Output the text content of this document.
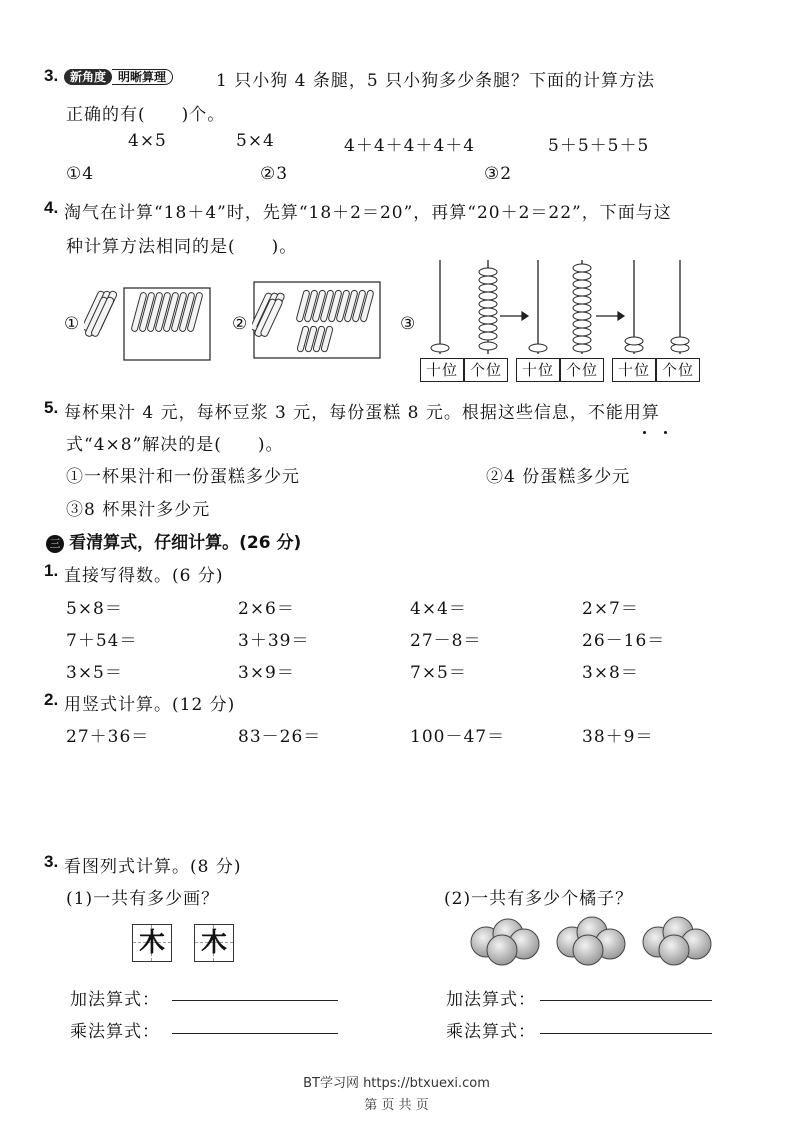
3. 新角度 明晰算理	1 只小狗 4 条腿，5 只小狗多少条腿？下面的计算方法
正确的有(　　)个。
4×5	5×4	4＋4＋4＋4＋4	5＋5＋5＋5
①4	②3	③2
4. 淘气在计算“18＋4”时，先算“18＋2＝20”，再算“20＋2＝22”，下面与这
种计算方法相同的是(　　)。
①	②	③
十位 个位	十位 个位	十位 个位
5. 每杯果汁 4 元，每杯豆浆 3 元，每份蛋糕 8 元。根据这些信息，不能用算
式“4×8”解决的是(　　)。
①一杯果汁和一份蛋糕多少元	②4 份蛋糕多少元
③8 杯果汁多少元
三 看清算式，仔细计算。(26 分)
1. 直接写得数。(6 分)
5×8＝	2×6＝	4×4＝	2×7＝
7＋54＝	3＋39＝	27－8＝	26－16＝
3×5＝	3×9＝	7×5＝	3×8＝
2. 用竖式计算。(12 分)
27＋36＝	83－26＝	100－47＝	38＋9＝
3. 看图列式计算。(8 分)
(1)一共有多少画？	(2)一共有多少个橘子？
木 木
加法算式：
乘法算式：
加法算式：
乘法算式：
BT学习网 https://btxuexi.com
第 页 共 页
